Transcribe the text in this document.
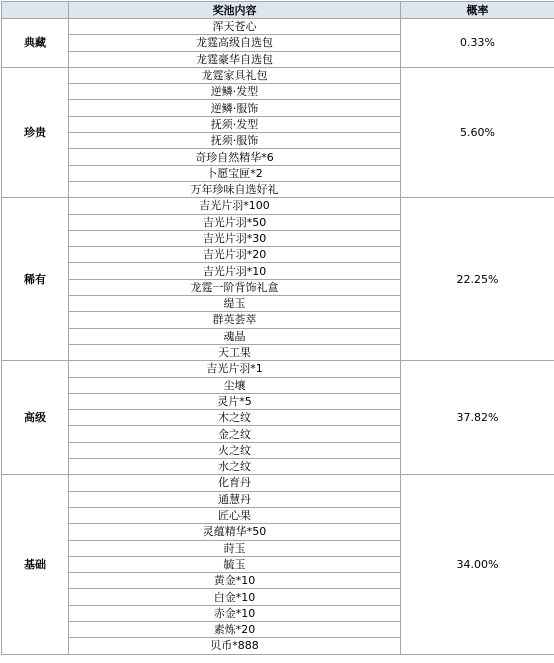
	奖池内容	概率
典藏	浑天苍心	0.33%
	龙霆高级自选包	
	龙霆豪华自选包	
珍贵	龙霆家具礼包	5.60%
	逆鳞·发型	
	逆鳞·服饰	
	抚须·发型	
	抚须·服饰	
	奇珍自然精华*6	
	卜愿宝匣*2	
	万年珍味自选好礼	
稀有	吉光片羽*100	22.25%
	吉光片羽*50	
	吉光片羽*30	
	吉光片羽*20	
	吉光片羽*10	
	龙霆一阶背饰礼盒	
	缇玉	
	群英荟萃	
	魂晶	
	天工果	
高级	吉光片羽*1	37.82%
	尘壤	
	灵片*5	
	木之纹	
	金之纹	
	火之纹	
	水之纹	
基础	化育丹	34.00%
	通慧丹	
	匠心果	
	灵蕴精华*50	
	莳玉	
	毓玉	
	黄金*10	
	白金*10	
	赤金*10	
	素炼*20	
	贝币*888	
